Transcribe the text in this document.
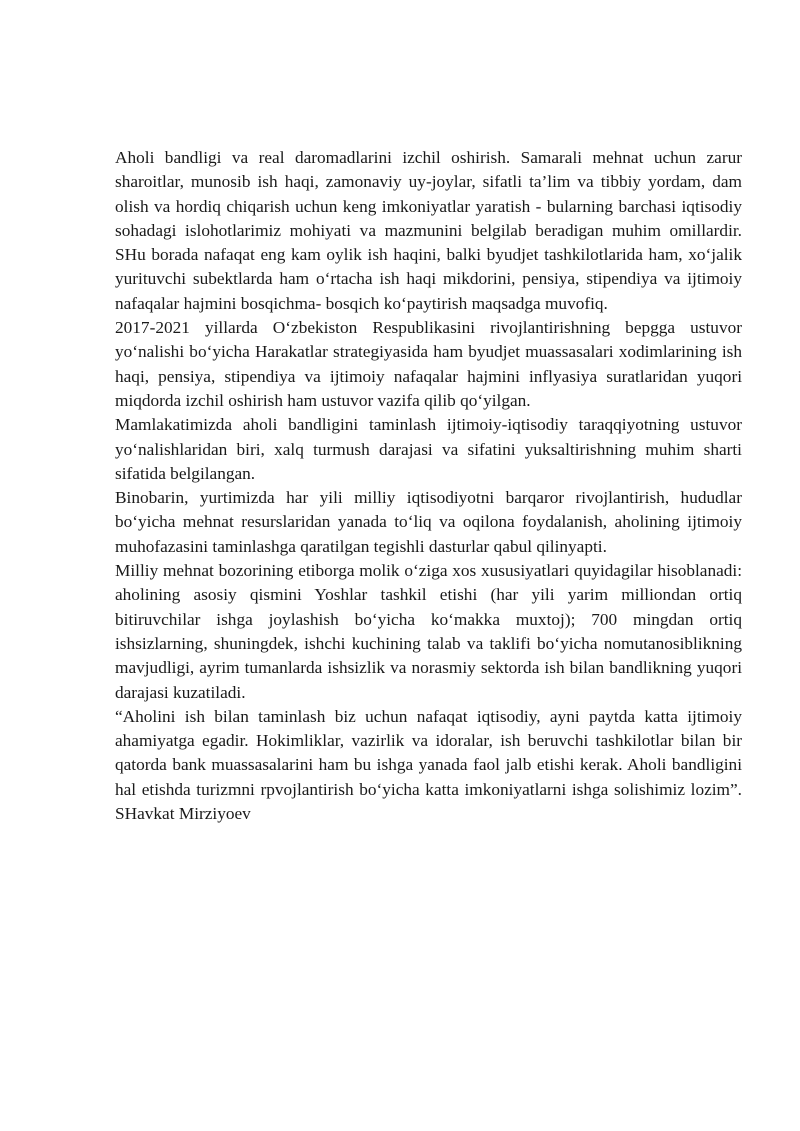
Aholi bandligi va real daromadlarini izchil oshirish. Samarali mehnat uchun zarur sharoitlar, munosib ish haqi, zamonaviy uy-joylar, sifatli ta’lim va tibbiy yordam, dam olish va hordiq chiqarish uchun keng imkoniyatlar yaratish - bularning barchasi iqtisodiy sohadagi islohotlarimiz mohiyati va mazmunini belgilab beradigan muhim omillardir. SHu borada nafaqat eng kam oylik ish haqini, balki byudjet tashkilotlarida ham, xo‘jalik yurituvchi subektlarda ham o‘rtacha ish haqi mikdorini, pensiya, stipendiya va ijtimoiy nafaqalar hajmini bosqichma- bosqich ko‘paytirish maqsadga muvofiq.

2017-2021 yillarda O‘zbekiston Respublikasini rivojlantirishning bepgga ustuvor yo‘nalishi bo‘yicha Harakatlar strategiyasida ham byudjet muassasalari xodimlarining ish haqi, pensiya, stipendiya va ijtimoiy nafaqalar hajmini inflyasiya suratlaridan yuqori miqdorda izchil oshirish ham ustuvor vazifa qilib qo‘yilgan.

Mamlakatimizda aholi bandligini taminlash ijtimoiy-iqtisodiy taraqqiyotning ustuvor yo‘nalishlaridan biri, xalq turmush darajasi va sifatini yuksaltirishning muhim sharti sifatida belgilangan.

Binobarin, yurtimizda har yili milliy iqtisodiyotni barqaror rivojlantirish, hududlar bo‘yicha mehnat resurslaridan yanada to‘liq va oqilona foydalanish, aholining ijtimoiy muhofazasini taminlashga qaratilgan tegishli dasturlar qabul qilinyapti.

Milliy mehnat bozorining etiborga molik o‘ziga xos xususiyatlari quyidagilar hisoblanadi: aholining asosiy qismini Yoshlar tashkil etishi (har yili yarim milliondan ortiq bitiruvchilar ishga joylashish bo‘yicha ko‘makka muxtoj); 700 mingdan ortiq ishsizlarning, shuningdek, ishchi kuchining talab va taklifi bo‘yicha nomutanosiblikning mavjudligi, ayrim tumanlarda ishsizlik va norasmiy sektorda ish bilan bandlikning yuqori darajasi kuzatiladi.

“Aholini ish bilan taminlash biz uchun nafaqat iqtisodiy, ayni paytda katta ijtimoiy ahamiyatga egadir. Hokimliklar, vazirlik va idoralar, ish beruvchi tashkilotlar bilan bir qatorda bank muassasalarini ham bu ishga yanada faol jalb etishi kerak. Aholi bandligini hal etishda turizmni rpvojlantirish bo‘yicha katta imkoniyatlarni ishga solishimiz lozim”. SHavkat Mirziyoev
